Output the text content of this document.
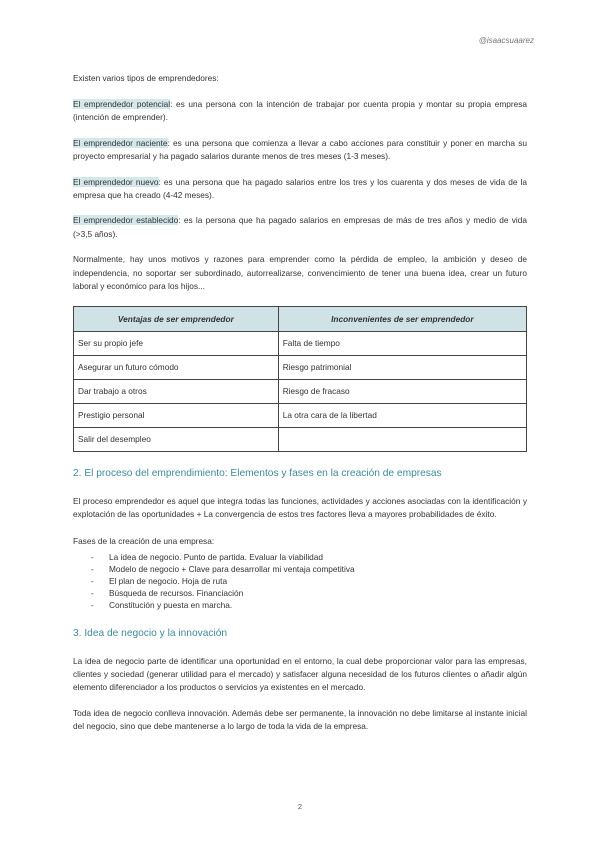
@isaacsuaarez

Existen varios tipos de emprendedores:

El emprendedor potencial: es una persona con la intención de trabajar por cuenta propia y montar su propia empresa (intención de emprender).

El emprendedor naciente: es una persona que comienza a llevar a cabo acciones para constituir y poner en marcha su proyecto empresarial y ha pagado salarios durante menos de tres meses (1-3 meses).

El emprendedor nuevo: es una persona que ha pagado salarios entre los tres y los cuarenta y dos meses de vida de la empresa que ha creado (4-42 meses).

El emprendedor establecido: es la persona que ha pagado salarios en empresas de más de tres años y medio de vida (>3,5 años).

Normalmente, hay unos motivos y razones para emprender como la pérdida de empleo, la ambición y deseo de independencia, no soportar ser subordinado, autorrealizarse, convencimiento de tener una buena idea, crear un futuro laboral y económico para los hijos...

Ventajas de ser emprendedor	Inconvenientes de ser emprendedor
Ser su propio jefe	Falta de tiempo
Asegurar un futuro cómodo	Riesgo patrimonial
Dar trabajo a otros	Riesgo de fracaso
Prestigio personal	La otra cara de la libertad
Salir del desempleo	
2. El proceso del emprendimiento: Elementos y fases en la creación de empresas

El proceso emprendedor es aquel que integra todas las funciones, actividades y acciones asociadas con la identificación y explotación de las oportunidades + La convergencia de estos tres factores lleva a mayores probabilidades de éxito.

Fases de la creación de una empresa:

- La idea de negocio. Punto de partida. Evaluar la viabilidad
- Modelo de negocio + Clave para desarrollar mi ventaja competitiva
- El plan de negocio. Hoja de ruta
- Búsqueda de recursos. Financiación
- Constitución y puesta en marcha.
3. Idea de negocio y la innovación

La idea de negocio parte de identificar una oportunidad en el entorno, la cual debe proporcionar valor para las empresas, clientes y sociedad (generar utilidad para el mercado) y satisfacer alguna necesidad de los futuros clientes o añadir algún elemento diferenciador a los productos o servicios ya existentes en el mercado.

Toda idea de negocio conlleva innovación. Además debe ser permanente, la innovación no debe limitarse al instante inicial del negocio, sino que debe mantenerse a lo largo de toda la vida de la empresa.

2
